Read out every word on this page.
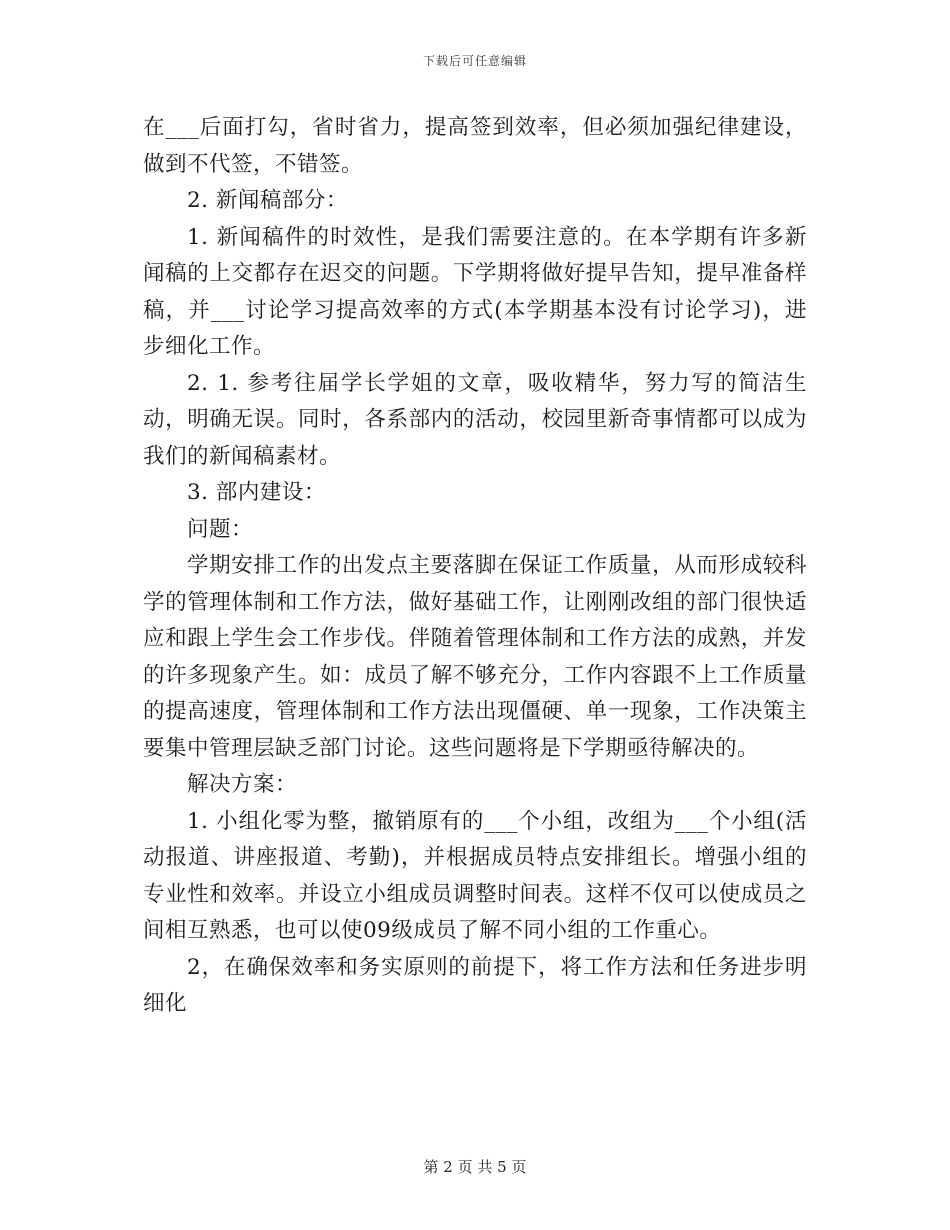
下载后可任意编辑

在___后面打勾，省时省力，提高签到效率，但必须加强纪律建设，做到不代签，不错签。

2. 新闻稿部分：

1. 新闻稿件的时效性，是我们需要注意的。在本学期有许多新闻稿的上交都存在迟交的问题。下学期将做好提早告知，提早准备样稿，并___讨论学习提高效率的方式(本学期基本没有讨论学习)，进步细化工作。

2. 1. 参考往届学长学姐的文章，吸收精华，努力写的简洁生动，明确无误。同时，各系部内的活动，校园里新奇事情都可以成为我们的新闻稿素材。

3. 部内建设：

问题：

学期安排工作的出发点主要落脚在保证工作质量，从而形成较科学的管理体制和工作方法，做好基础工作，让刚刚改组的部门很快适应和跟上学生会工作步伐。伴随着管理体制和工作方法的成熟，并发的许多现象产生。如：成员了解不够充分，工作内容跟不上工作质量的提高速度，管理体制和工作方法出现僵硬、单一现象，工作决策主要集中管理层缺乏部门讨论。这些问题将是下学期亟待解决的。

解决方案：

1. 小组化零为整，撤销原有的___个小组，改组为___个小组(活动报道、讲座报道、考勤)，并根据成员特点安排组长。增强小组的专业性和效率。并设立小组成员调整时间表。这样不仅可以使成员之间相互熟悉，也可以使09级成员了解不同小组的工作重心。

2，在确保效率和务实原则的前提下，将工作方法和任务进步明细化

第 2 页 共 5 页
